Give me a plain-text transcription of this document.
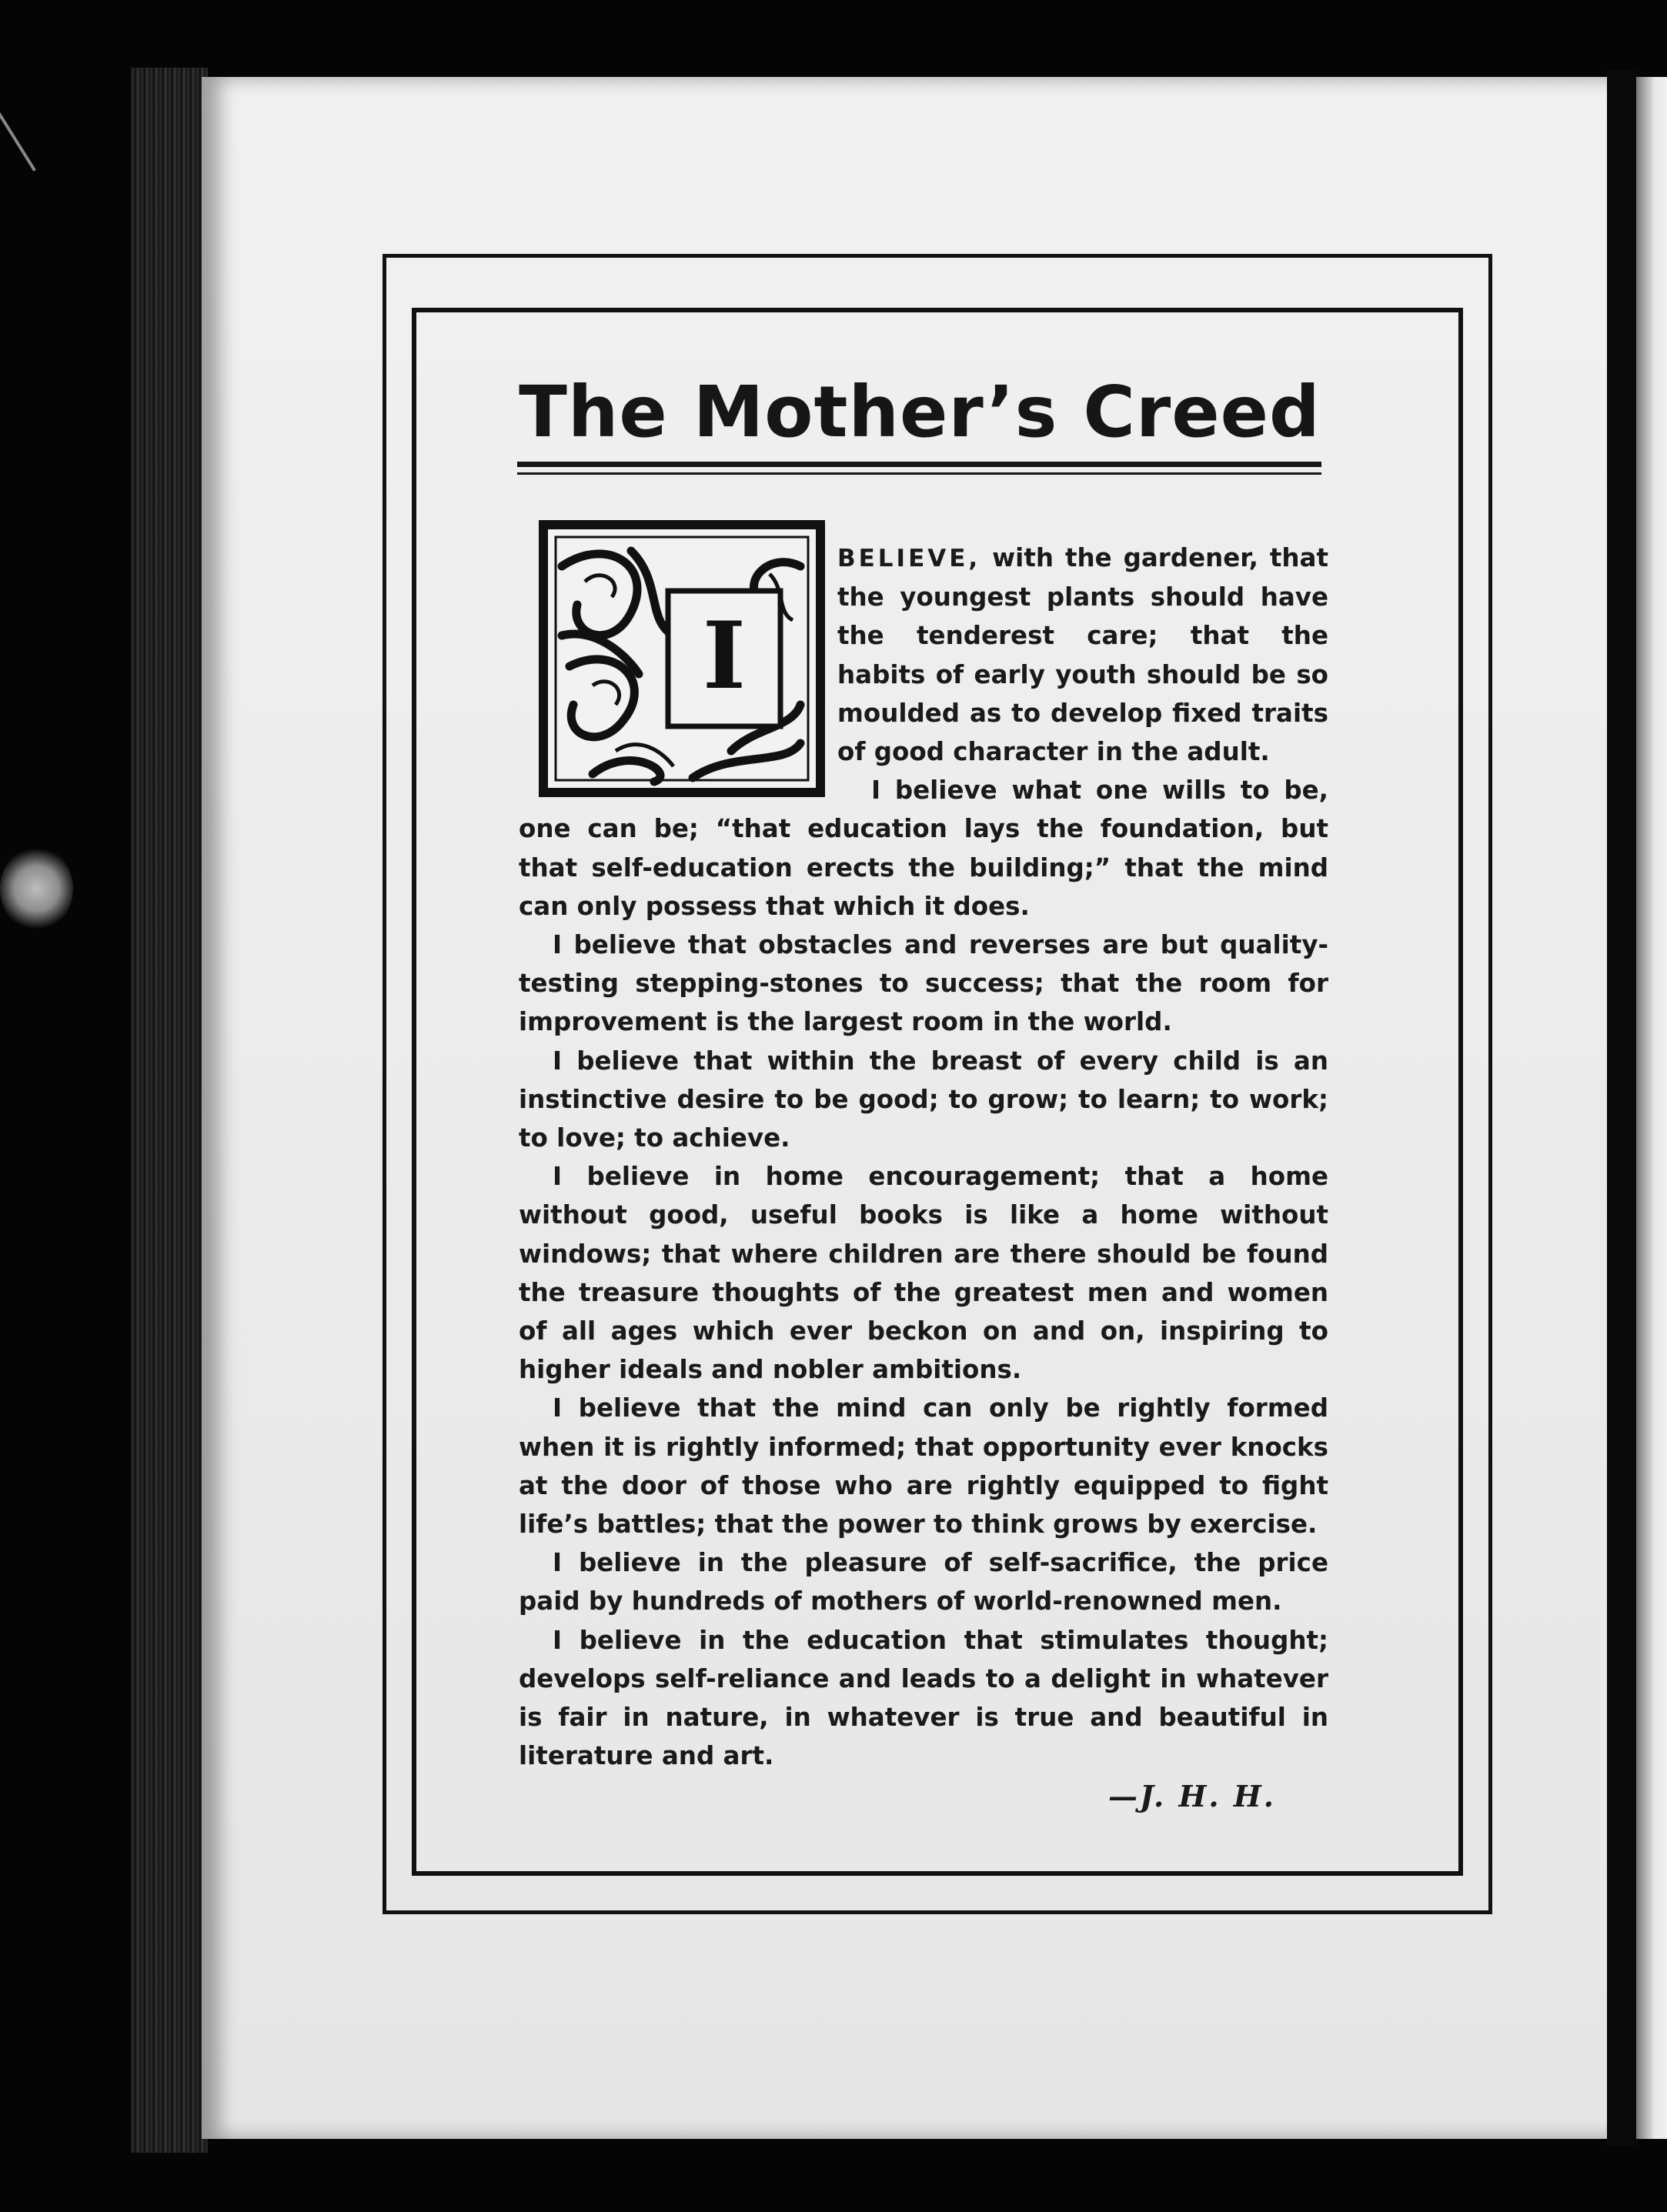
The Mother’s Creed
I

BELIEVE, with the gardener, that the youngest plants should have the tenderest care; that the habits of early youth should be so moulded as to develop fixed traits of good character in the adult.

I believe what one wills to be, one can be; “that education lays the foundation, but that self-education erects the building;” that the mind can only possess that which it does.

I believe that obstacles and reverses are but quality-testing stepping-stones to success; that the room for improvement is the largest room in the world.

I believe that within the breast of every child is an instinctive desire to be good; to grow; to learn; to work; to love; to achieve.

I believe in home encouragement; that a home without good, useful books is like a home without windows; that where children are there should be found the treasure thoughts of the greatest men and women of all ages which ever beckon on and on, inspiring to higher ideals and nobler ambitions.

I believe that the mind can only be rightly formed when it is rightly informed; that opportunity ever knocks at the door of those who are rightly equipped to fight life’s battles; that the power to think grows by exercise.

I believe in the pleasure of self-sacrifice, the price paid by hundreds of mothers of world-renowned men.

I believe in the education that stimulates thought; develops self-reliance and leads to a delight in whatever is fair in nature, in whatever is true and beautiful in literature and art.

—J. H. H.
